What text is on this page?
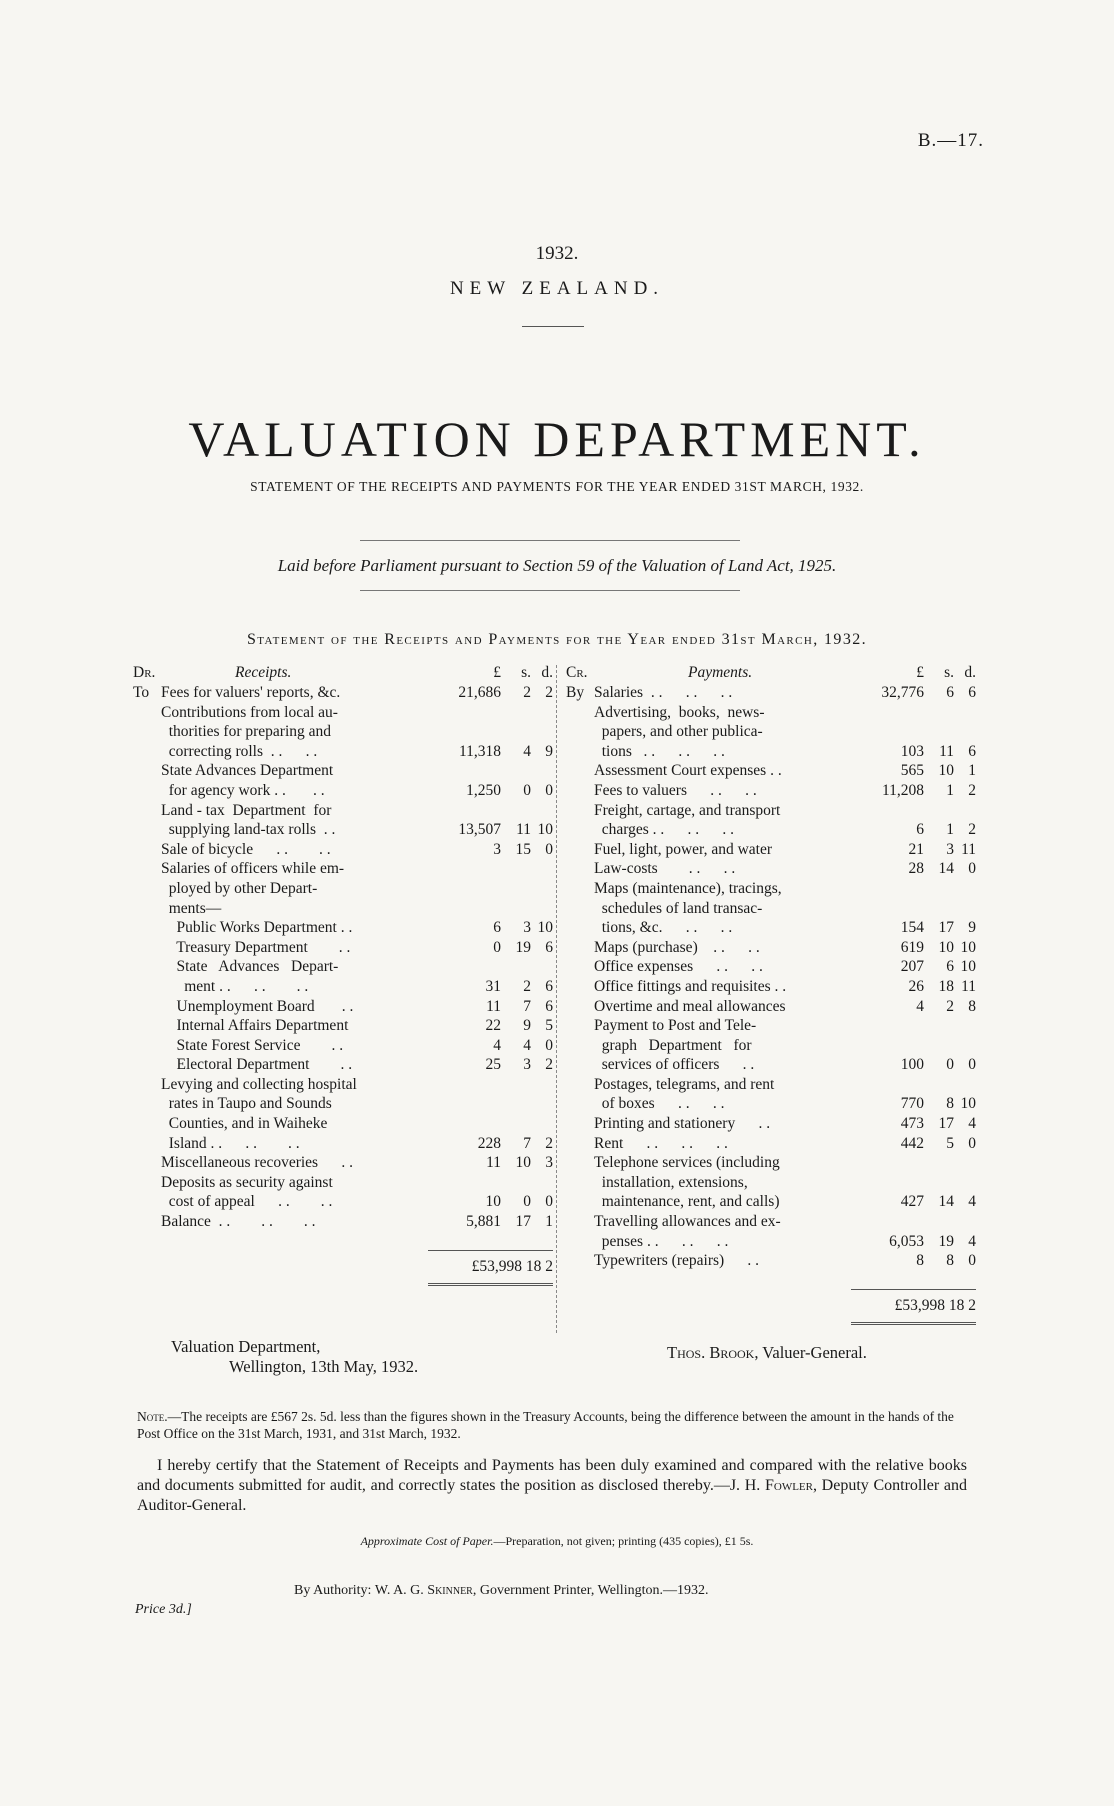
B.—17.
1932.
NEW ZEALAND.
VALUATION DEPARTMENT.
STATEMENT OF THE RECEIPTS AND PAYMENTS FOR THE YEAR ENDED 31ST MARCH, 1932.
Laid before Parliament pursuant to Section 59 of the Valuation of Land Act, 1925.
Statement of the Receipts and Payments for the Year ended 31st March, 1932.
Dr.	Receipts.	£	s. d.
To Fees for valuers' reports, &c.	21,686	2 2
Contributions from local au-
thorities for preparing and
correcting rolls  . .      . .	11,318	4 9
State Advances Department
for agency work . .       . .	1,250	0 0
Land - tax  Department  for
supplying land-tax rolls  . .	13,507 11 10
Sale of bicycle      . .        . .	3 15 0
Salaries of officers while em-
ployed by other Depart-
ments—
Public Works Department . .	6	3 10
Treasury Department        . .	0 19 6
State   Advances   Depart-
ment . .      . .        . .	31	2 6
Unemployment Board       . .	11	7 6
Internal Affairs Department	22	9 5
State Forest Service        . .	4	4 0
Electoral Department        . .	25	3 2
Levying and collecting hospital
rates in Taupo and Sounds
Counties, and in Waiheke
Island . .      . .        . .	228	7 2
Miscellaneous recoveries      . .	11 10 3
Deposits as security against
cost of appeal      . .        . .	10	0 0
Balance  . .        . .        . .	5,881 17 1
£53,998 18 2
Cr.	Payments.	£	s. d.
By Salaries  . .      . .      . .	32,776	6 6
Advertising,  books,  news-
papers, and other publica-
tions   . .      . .      . .	103 11 6
Assessment Court expenses . .	565 10 1
Fees to valuers      . .      . .	11,208	1 2
Freight, cartage, and transport
charges . .      . .      . .	6	1 2
Fuel, light, power, and water	21	3 11
Law-costs        . .      . .	28 14 0
Maps (maintenance), tracings,
schedules of land transac-
tions, &c.      . .      . .	154 17 9
Maps (purchase)    . .      . .	619 10 10
Office expenses      . .      . .	207	6 10
Office fittings and requisites . .	26 18 11
Overtime and meal allowances	4	2 8
Payment to Post and Tele-
graph   Department   for
services of officers      . .	100	0 0
Postages, telegrams, and rent
of boxes      . .      . .	770	8 10
Printing and stationery      . .	473 17 4
Rent      . .      . .      . .	442	5 0
Telephone services (including
installation, extensions,
maintenance, rent, and calls)	427 14 4
Travelling allowances and ex-
penses . .      . .      . .	6,053 19 4
Typewriters (repairs)      . .	8	8 0
£53,998 18 2
Valuation Department,
Wellington, 13th May, 1932.
Thos. Brook, Valuer-General.
Note.—The receipts are £567 2s. 5d. less than the figures shown in the Treasury Accounts, being the difference between the amount in the hands of the Post Office on the 31st March, 1931, and 31st March, 1932.
I hereby certify that the Statement of Receipts and Payments has been duly examined and compared with the relative books and documents submitted for audit, and correctly states the position as disclosed thereby.—J. H. Fowler, Deputy Controller and Auditor-General.
Approximate Cost of Paper.—Preparation, not given; printing (435 copies), £1 5s.
By Authority: W. A. G. Skinner, Government Printer, Wellington.—1932.
Price 3d.]
